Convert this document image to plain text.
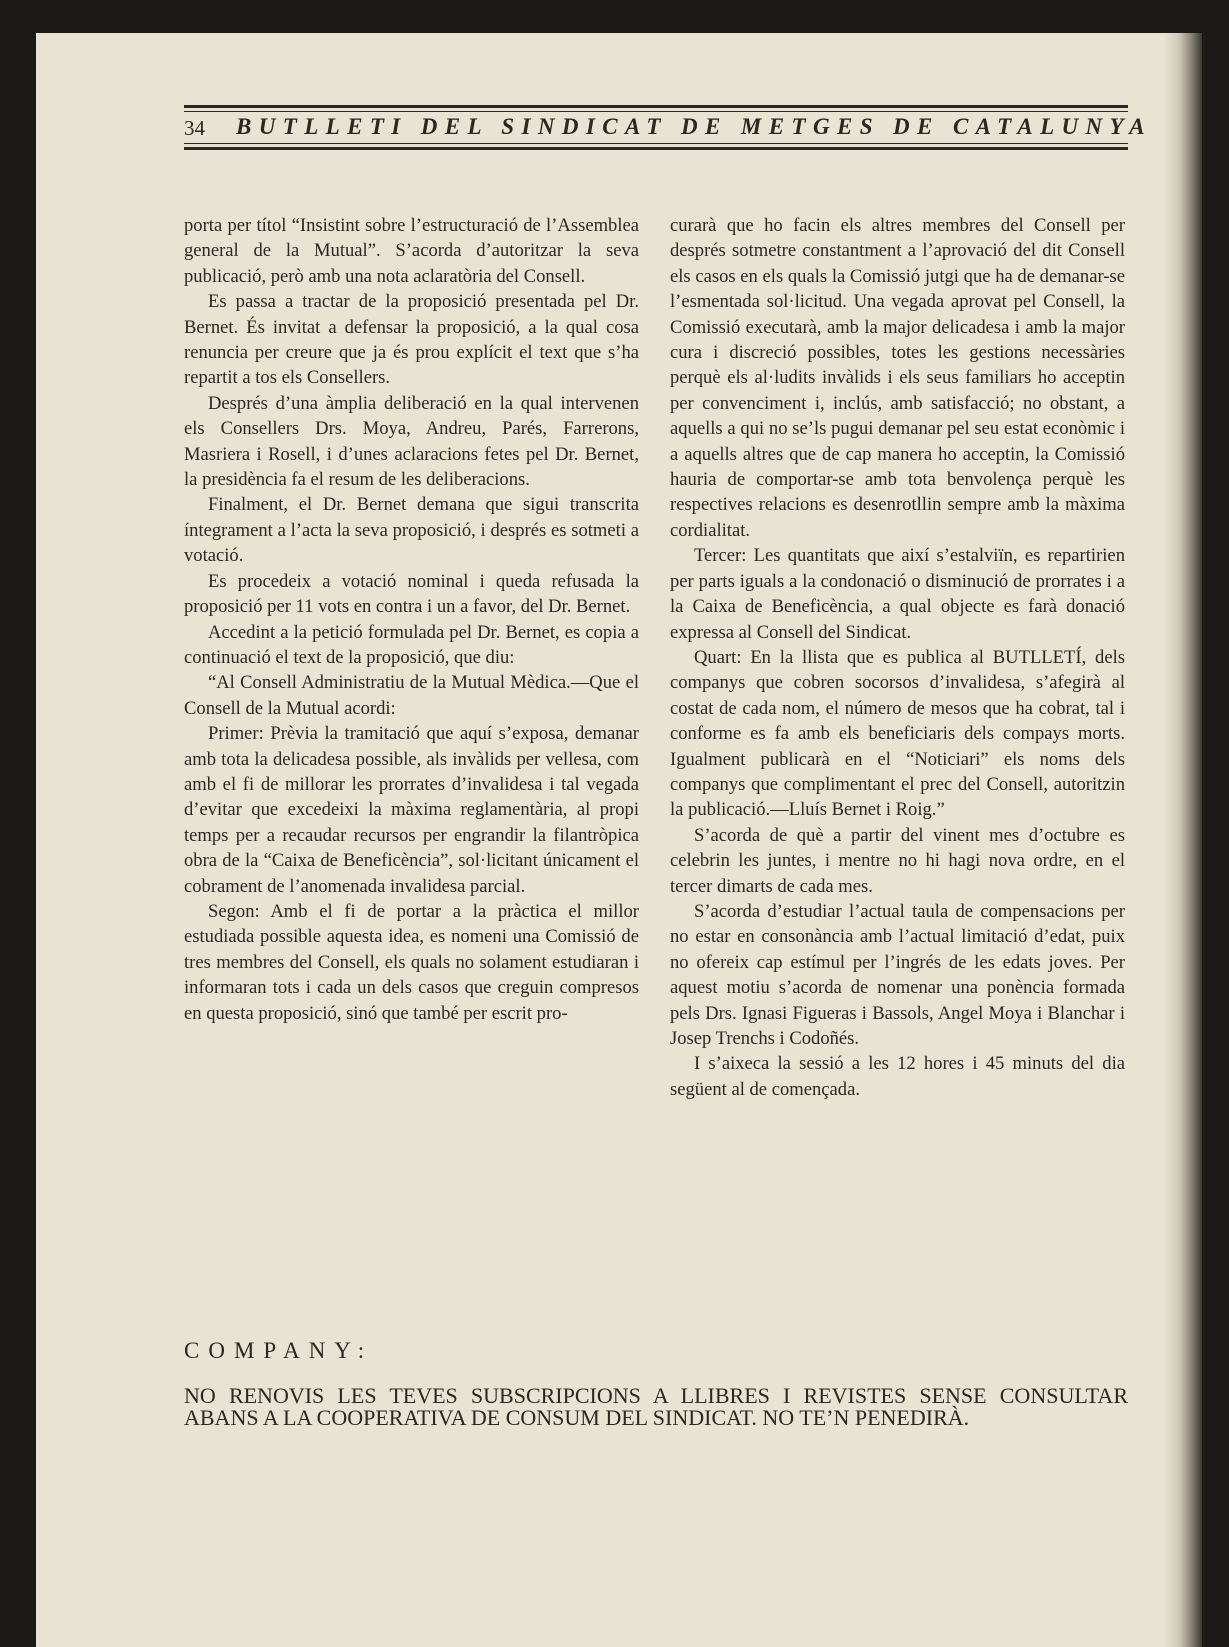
34 BUTLLETI DEL SINDICAT DE METGES DE CATALUNYA

porta per títol “Insistint sobre l’estructuració de l’Assemblea general de la Mutual”. S’acorda d’autoritzar la seva publicació, però amb una nota aclaratòria del Consell.

Es passa a tractar de la proposició presentada pel Dr. Bernet. És invitat a defensar la proposició, a la qual cosa renuncia per creure que ja és prou explícit el text que s’ha repartit a tos els Consellers.

Després d’una àmplia deliberació en la qual intervenen els Consellers Drs. Moya, Andreu, Parés, Farrerons, Masriera i Rosell, i d’unes aclaracions fetes pel Dr. Bernet, la presidència fa el resum de les deliberacions.

Finalment, el Dr. Bernet demana que sigui transcrita íntegrament a l’acta la seva proposició, i després es sotmeti a votació.

Es procedeix a votació nominal i queda refusada la proposició per 11 vots en contra i un a favor, del Dr. Bernet.

Accedint a la petició formulada pel Dr. Bernet, es copia a continuació el text de la proposició, que diu:

“Al Consell Administratiu de la Mutual Mèdica.—Que el Consell de la Mutual acordi:

Primer: Prèvia la tramitació que aquí s’exposa, demanar amb tota la delicadesa possible, als invàlids per vellesa, com amb el fi de millorar les prorrates d’invalidesa i tal vegada d’evitar que excedeixi la màxima reglamentària, al propi temps per a recaudar recursos per engrandir la filantròpica obra de la “Caixa de Beneficència”, sol·licitant únicament el cobrament de l’anomenada invalidesa parcial.

Segon: Amb el fi de portar a la pràctica el millor estudiada possible aquesta idea, es nomeni una Comissió de tres membres del Consell, els quals no solament estudiaran i informaran tots i cada un dels casos que creguin compresos en questa proposició, sinó que també per escrit pro-

curarà que ho facin els altres membres del Consell per després sotmetre constantment a l’aprovació del dit Consell els casos en els quals la Comissió jutgi que ha de demanar-se l’esmentada sol·licitud. Una vegada aprovat pel Consell, la Comissió executarà, amb la major delicadesa i amb la major cura i discreció possibles, totes les gestions necessàries perquè els al·ludits invàlids i els seus familiars ho acceptin per convenciment i, inclús, amb satisfacció; no obstant, a aquells a qui no se’ls pugui demanar pel seu estat econòmic i a aquells altres que de cap manera ho acceptin, la Comissió hauria de comportar-se amb tota benvolença perquè les respectives relacions es desenrotllin sempre amb la màxima cordialitat.

Tercer: Les quantitats que així s’estalviïn, es repartirien per parts iguals a la condonació o disminució de prorrates i a la Caixa de Beneficència, a qual objecte es farà donació expressa al Consell del Sindicat.

Quart: En la llista que es publica al BUTLLETÍ, dels companys que cobren socorsos d’invalidesa, s’afegirà al costat de cada nom, el número de mesos que ha cobrat, tal i conforme es fa amb els beneficiaris dels compays morts. Igualment publicarà en el “Noticiari” els noms dels companys que complimentant el prec del Consell, autoritzin la publicació.—Lluís Bernet i Roig.”

S’acorda de què a partir del vinent mes d’octubre es celebrin les juntes, i mentre no hi hagi nova ordre, en el tercer dimarts de cada mes.

S’acorda d’estudiar l’actual taula de compensacions per no estar en consonància amb l’actual limitació d’edat, puix no ofereix cap estímul per l’ingrés de les edats joves. Per aquest motiu s’acorda de nomenar una ponència formada pels Drs. Ignasi Figueras i Bassols, Angel Moya i Blanchar i Josep Trenchs i Codoñés.

I s’aixeca la sessió a les 12 hores i 45 minuts del dia següent al de començada.

COMPANY:
NO RENOVIS LES TEVES SUBSCRIPCIONS A LLIBRES I REVISTES SENSE CONSULTAR ABANS A LA COOPERATIVA DE CONSUM DEL SINDICAT. NO TE’N PENEDIRÀ.
